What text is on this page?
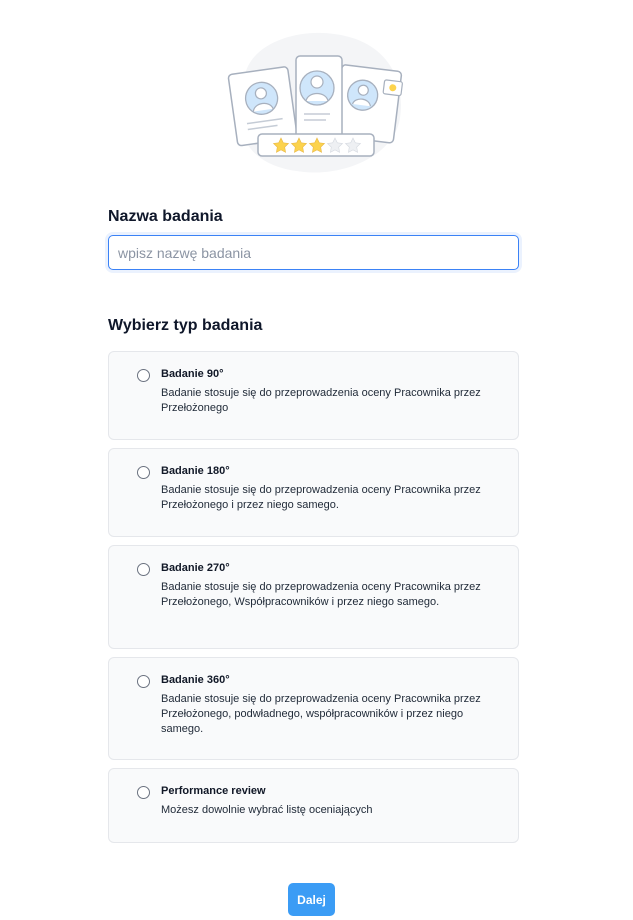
Nazwa badania
wpisz nazwę badania
Wybierz typ badania
Badanie 90°
Badanie stosuje się do przeprowadzenia oceny Pracownika przez Przełożonego
Badanie 180°
Badanie stosuje się do przeprowadzenia oceny Pracownika przez Przełożonego i przez niego samego.
Badanie 270°
Badanie stosuje się do przeprowadzenia oceny Pracownika przez Przełożonego, Współpracowników i przez niego samego.
Badanie 360°
Badanie stosuje się do przeprowadzenia oceny Pracownika przez Przełożonego, podwładnego, współpracowników i przez niego samego.
Performance review
Możesz dowolnie wybrać listę oceniających
Dalej
